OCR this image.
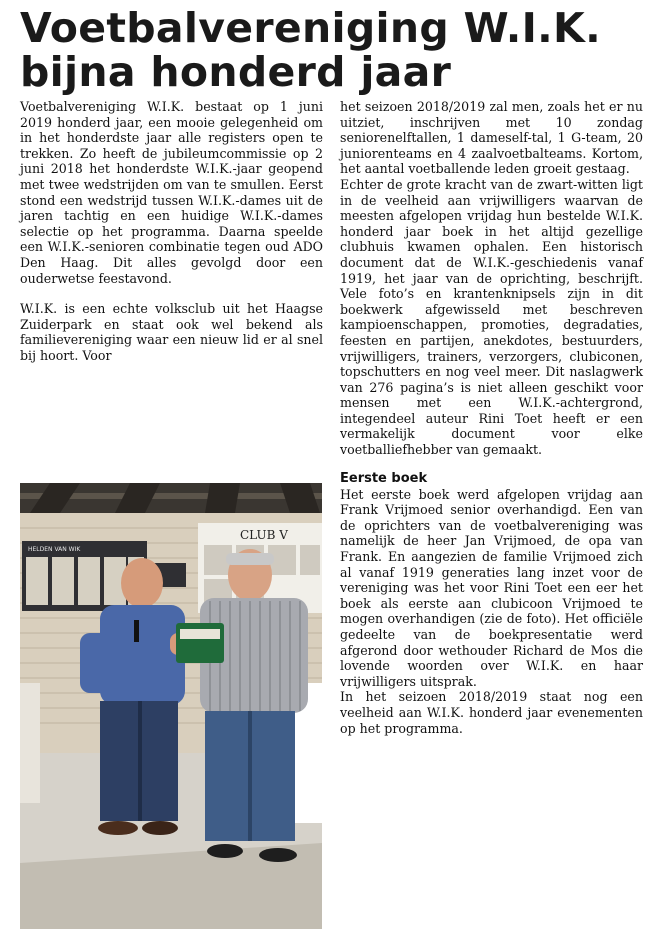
Voetbalvereniging W.I.K.
bijna honderd jaar

Voetbalvereniging W.I.K. bestaat op 1 juni 2019 honderd jaar, een mooie gelegenheid om in het honderdste jaar alle registers open te trekken. Zo heeft de jubileumcommissie op 2 juni 2018 het honderdste W.I.K.-jaar geopend met twee wedstrijden om van te smullen. Eerst stond een wedstrijd tussen W.I.K.-dames uit de jaren tachtig en een huidige W.I.K.-dames selectie op het programma. Daarna speelde een W.I.K.-senioren combinatie tegen oud ADO Den Haag. Dit alles gevolgd door een ouderwetse feestavond.

W.I.K. is een echte volksclub uit het Haagse Zuiderpark en staat ook wel bekend als familievereniging waar een nieuw lid er al snel bij hoort. Voor

HELDEN VAN WIK
CLUB V

het seizoen 2018/2019 zal men, zoals het er nu uitziet, inschrijven met 10 zondag seniorenelftallen, 1 dameself-tal, 1 G-team, 20 juniorenteams en 4 zaalvoetbalteams. Kortom, het aantal voetballende leden groeit gestaag.

Echter de grote kracht van de zwart-witten ligt in de veelheid aan vrijwilligers waarvan de meesten afgelopen vrijdag hun bestelde W.I.K. honderd jaar boek in het altijd gezellige clubhuis kwamen ophalen. Een historisch document dat de W.I.K.-geschiedenis vanaf 1919, het jaar van de oprichting, beschrijft. Vele foto’s en krantenknipsels zijn in dit boekwerk afgewisseld met beschreven kampioenschappen, promoties, degradaties, feesten en partijen, anekdotes, bestuurders, vrijwilligers, trainers, verzorgers, clubiconen, topschutters en nog veel meer. Dit naslagwerk van 276 pagina’s is niet alleen geschikt voor mensen met een W.I.K.-achtergrond, integendeel auteur Rini Toet heeft er een vermakelijk document voor elke voetballiefhebber van gemaakt.

Eerste boek

Het eerste boek werd afgelopen vrijdag aan Frank Vrijmoed senior overhandigd. Een van de oprichters van de voetbalvereniging was namelijk de heer Jan Vrijmoed, de opa van Frank. En aangezien de familie Vrijmoed zich al vanaf 1919 generaties lang inzet voor de vereniging was het voor Rini Toet een eer het boek als eerste aan clubicoon Vrijmoed te mogen overhandigen (zie de foto). Het officiële gedeelte van de boekpresentatie werd afgerond door wethouder Richard de Mos die lovende woorden over W.I.K. en haar vrijwilligers uitsprak.

In het seizoen 2018/2019 staat nog een veelheid aan W.I.K. honderd jaar evenementen op het programma.
